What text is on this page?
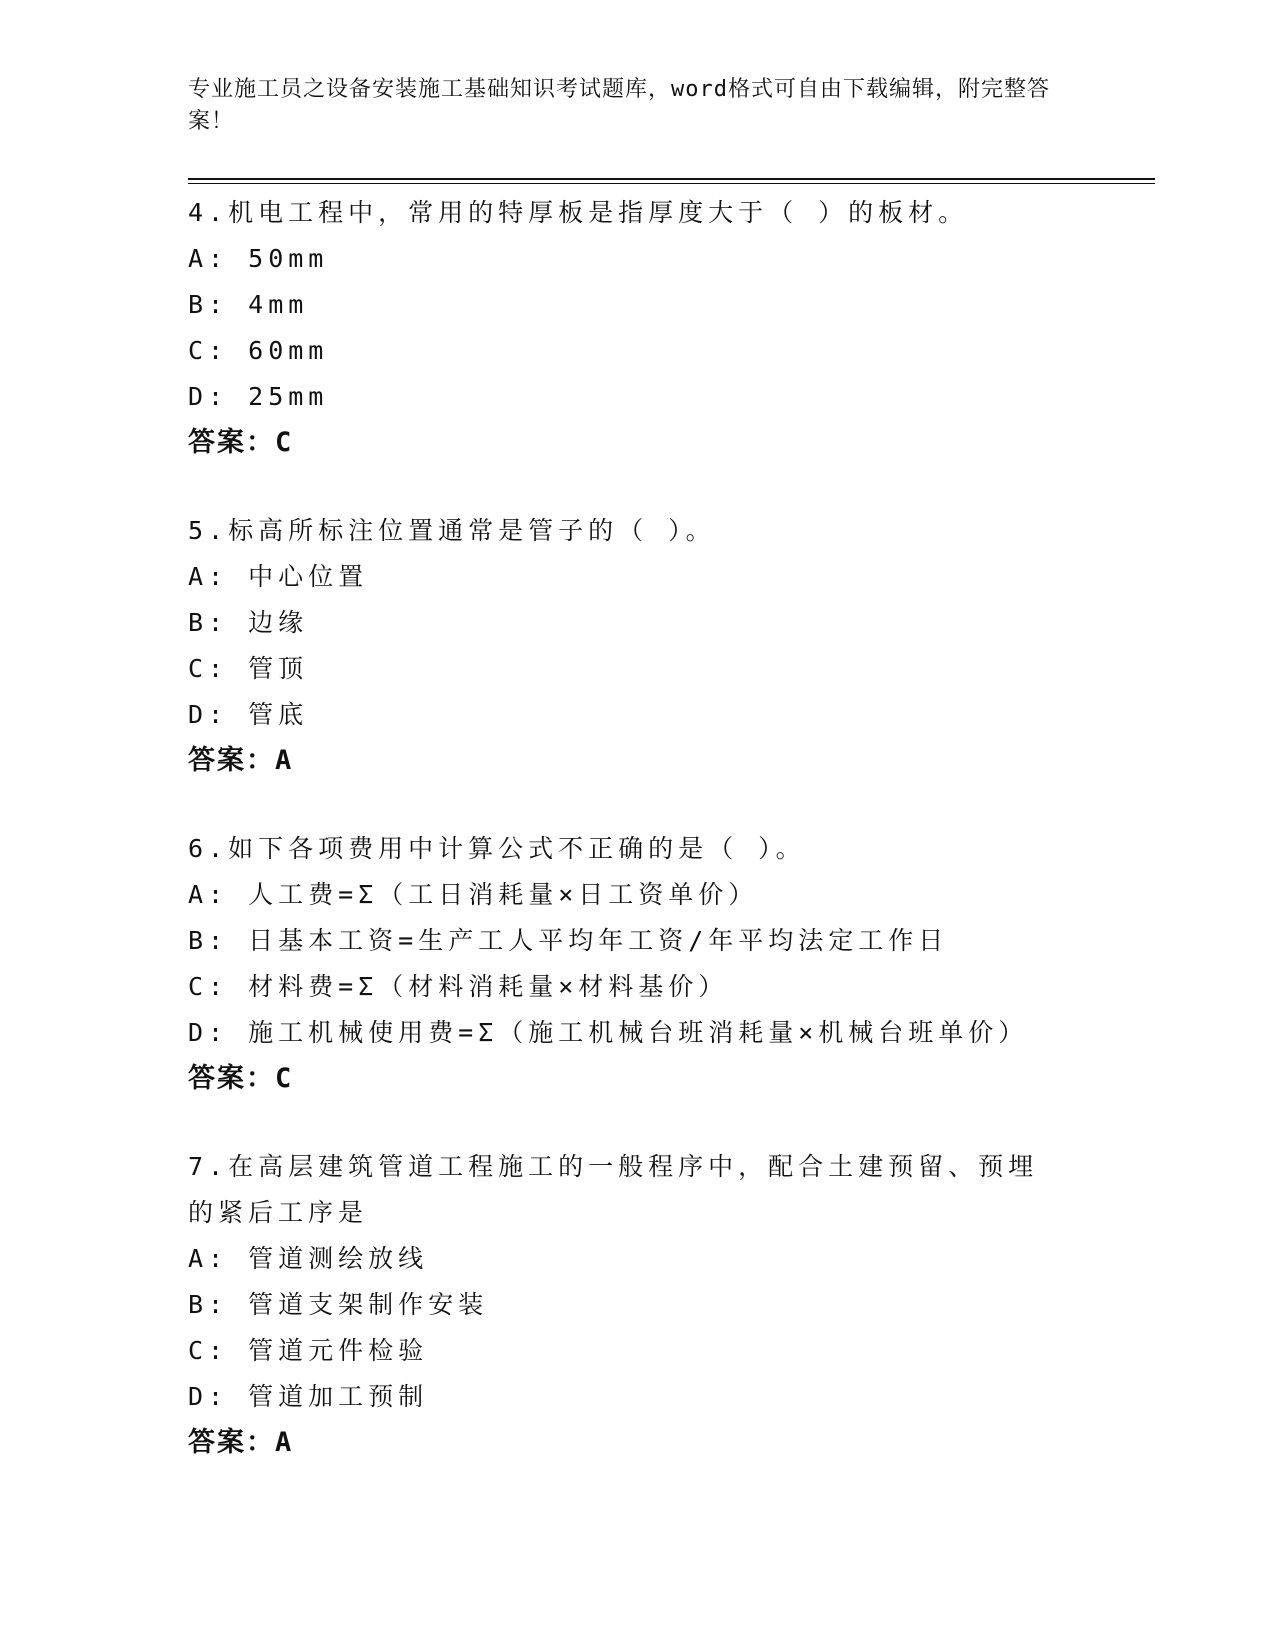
专业施工员之设备安装施工基础知识考试题库，word格式可自由下载编辑，附完整答案！

4.机电工程中，常用的特厚板是指厚度大于（ ）的板材。

A: 50mm

B: 4mm

C: 60mm

D: 25mm

答案：C

5.标高所标注位置通常是管子的（ ）。

A: 中心位置

B: 边缘

C: 管顶

D: 管底

答案：A

6.如下各项费用中计算公式不正确的是（ ）。

A: 人工费=Σ（工日消耗量×日工资单价）

B: 日基本工资=生产工人平均年工资/年平均法定工作日

C: 材料费=Σ（材料消耗量×材料基价）

D: 施工机械使用费=Σ（施工机械台班消耗量×机械台班单价）

答案：C

7.在高层建筑管道工程施工的一般程序中，配合土建预留、预埋的紧后工序是

A: 管道测绘放线

B: 管道支架制作安装

C: 管道元件检验

D: 管道加工预制

答案：A
